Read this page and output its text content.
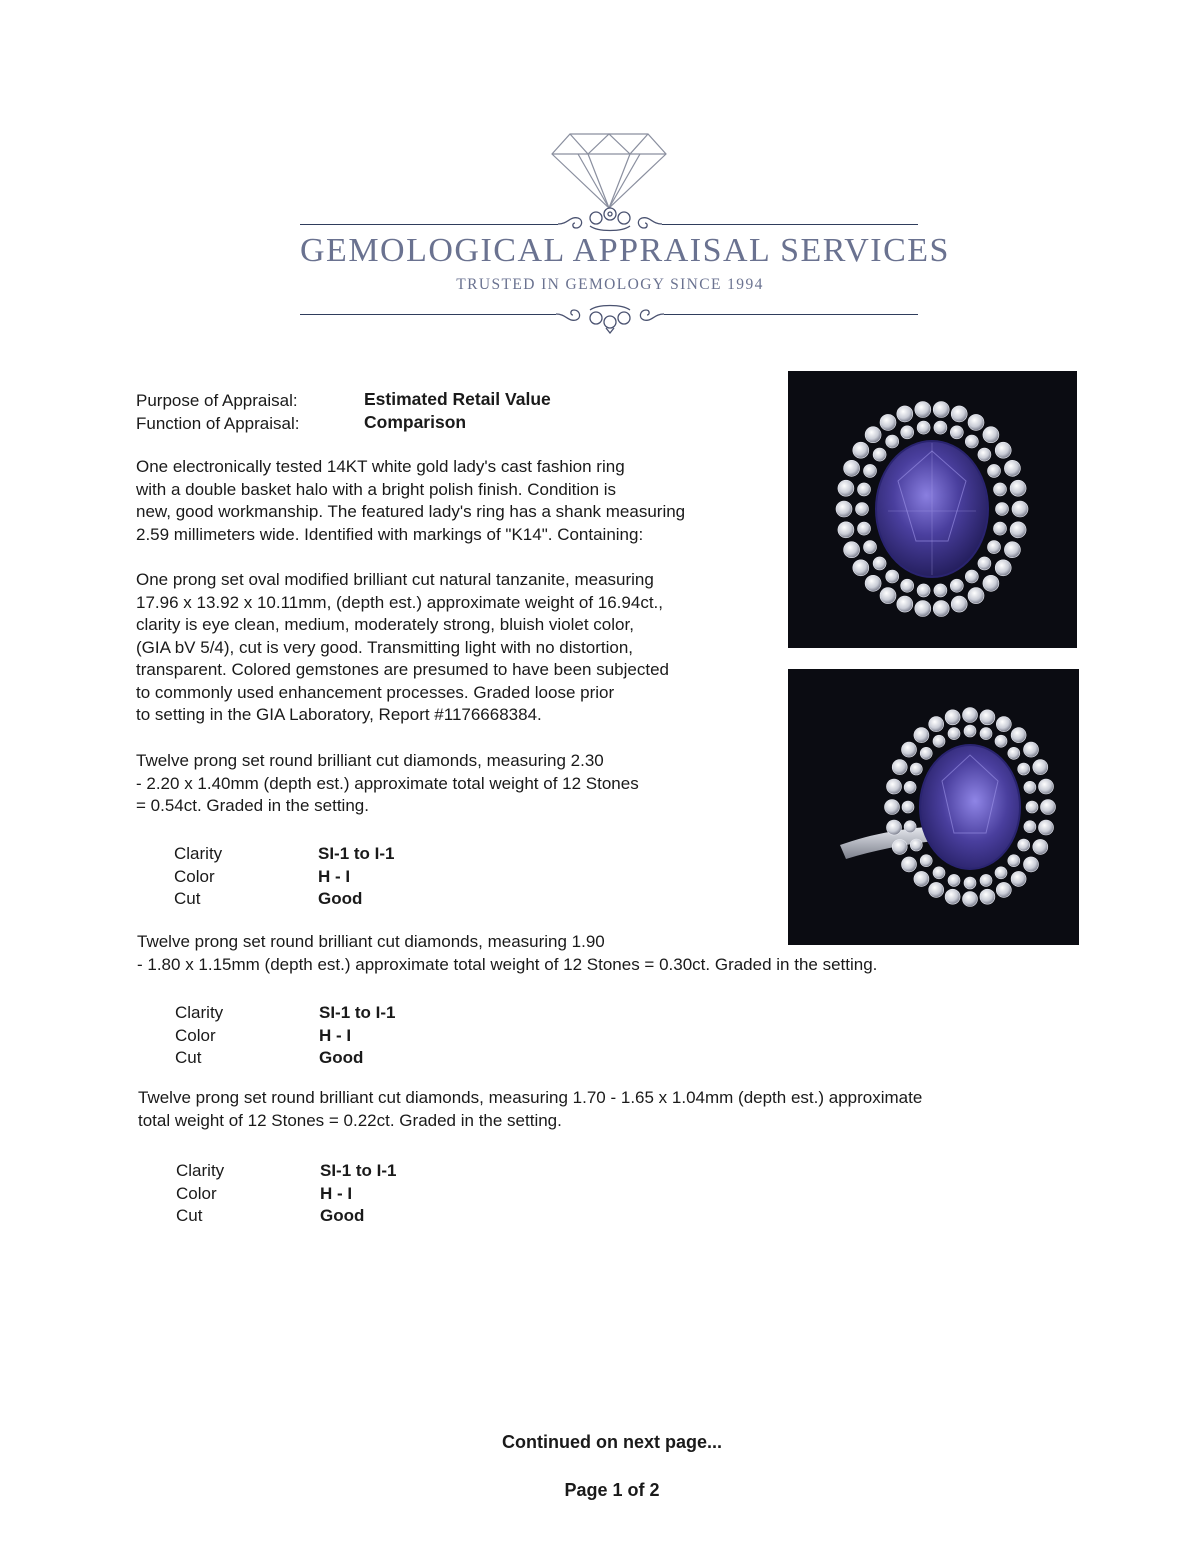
GEMOLOGICAL APPRAISAL SERVICES
TRUSTED IN GEMOLOGY SINCE 1994
Purpose of Appraisal:	Estimated Retail Value
Function of Appraisal:	Comparison
One electronically tested 14KT white gold lady's cast fashion ring
with a double basket halo with a bright polish finish. Condition is
new, good workmanship. The featured lady's ring has a shank measuring
2.59 millimeters wide. Identified with markings of "K14". Containing:
One prong set oval modified brilliant cut natural tanzanite, measuring
17.96 x 13.92 x 10.11mm, (depth est.) approximate weight of 16.94ct.,
clarity is eye clean, medium, moderately strong, bluish violet color,
(GIA bV 5/4), cut is very good. Transmitting light with no distortion,
transparent. Colored gemstones are presumed to have been subjected
to commonly used enhancement processes. Graded loose prior
to setting in the GIA Laboratory, Report #1176668384.
Twelve prong set round brilliant cut diamonds, measuring 2.30
- 2.20 x 1.40mm (depth est.) approximate total weight of 12 Stones
= 0.54ct. Graded in the setting.
Clarity	SI-1 to I-1
Color	H - I
Cut	Good
Twelve prong set round brilliant cut diamonds, measuring 1.90
- 1.80 x 1.15mm (depth est.) approximate total weight of 12 Stones = 0.30ct. Graded in the setting.
Clarity	SI-1 to I-1
Color	H - I
Cut	Good
Twelve prong set round brilliant cut diamonds, measuring 1.70 - 1.65 x 1.04mm (depth est.) approximate
total weight of 12 Stones = 0.22ct. Graded in the setting.
Clarity	SI-1 to I-1
Color	H - I
Cut	Good
Continued on next page...
Page 1 of 2
